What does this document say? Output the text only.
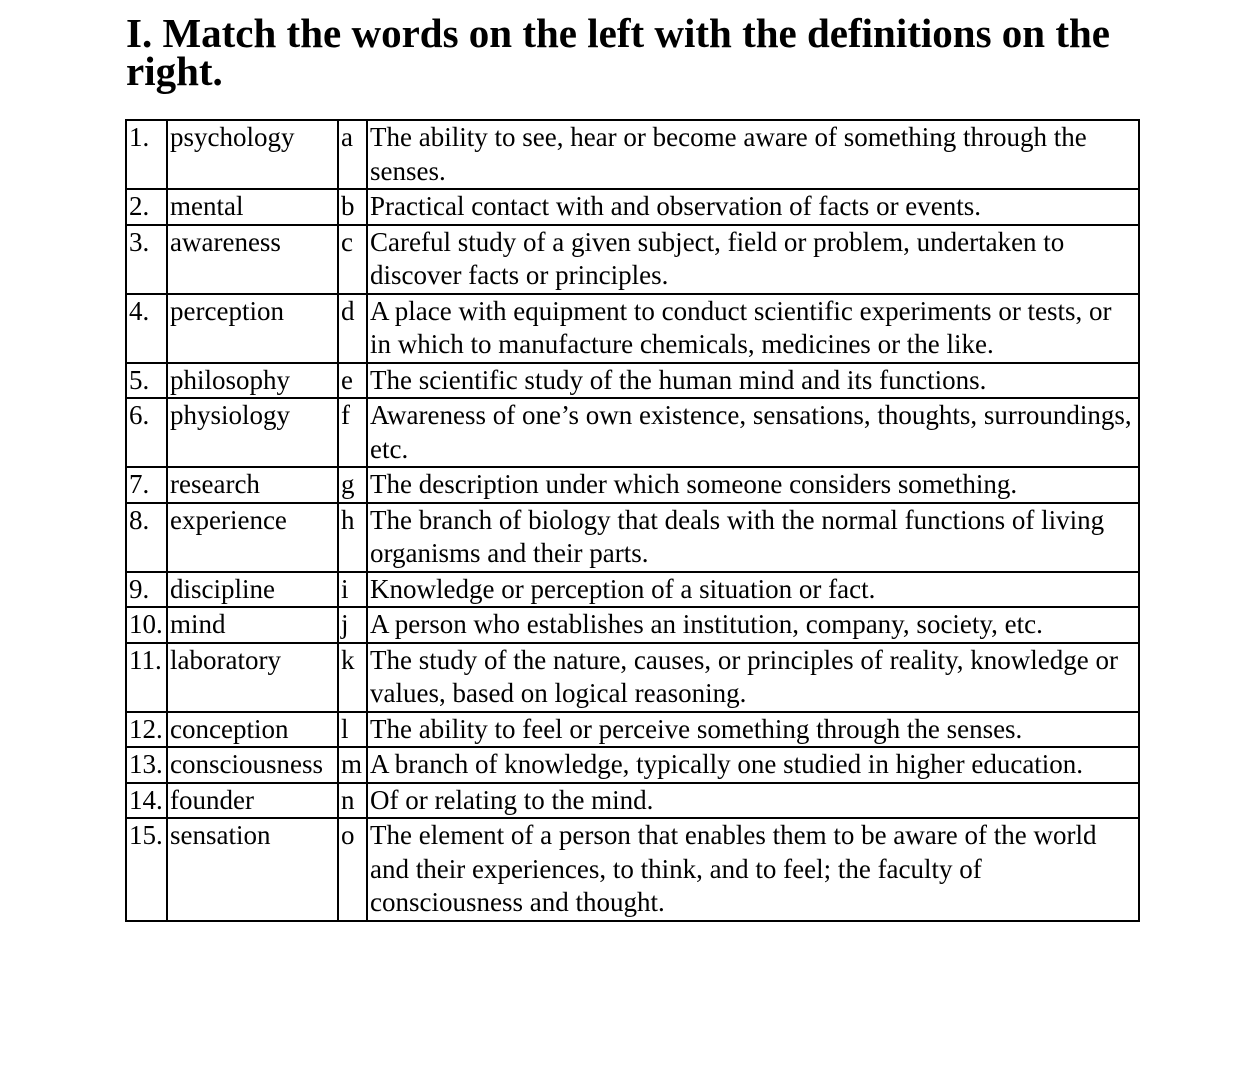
I. Match the words on the left with the definitions on the right.
1.	psychology	a	The ability to see, hear or become aware of something through the senses.
2.	mental	b	Practical contact with and observation of facts or events.
3.	awareness	c	Careful study of a given subject, field or problem, undertaken to discover facts or principles.
4.	perception	d	A place with equipment to conduct scientific experiments or tests, or in which to manufacture chemicals, medicines or the like.
5.	philosophy	e	The scientific study of the human mind and its functions.
6.	physiology	f	Awareness of one’s own existence, sensations, thoughts, surroundings, etc.
7.	research	g	The description under which someone considers something.
8.	experience	h	The branch of biology that deals with the normal functions of living organisms and their parts.
9.	discipline	i	Knowledge or perception of a situation or fact.
10.	mind	j	A person who establishes an institution, company, society, etc.
11.	laboratory	k	The study of the nature, causes, or principles of reality, knowledge or values, based on logical reasoning.
12.	conception	l	The ability to feel or perceive something through the senses.
13.	consciousness	m	A branch of knowledge, typically one studied in higher education.
14.	founder	n	Of or relating to the mind.
15.	sensation	o	The element of a person that enables them to be aware of the world and their experiences, to think, and to feel; the faculty of consciousness and thought.
